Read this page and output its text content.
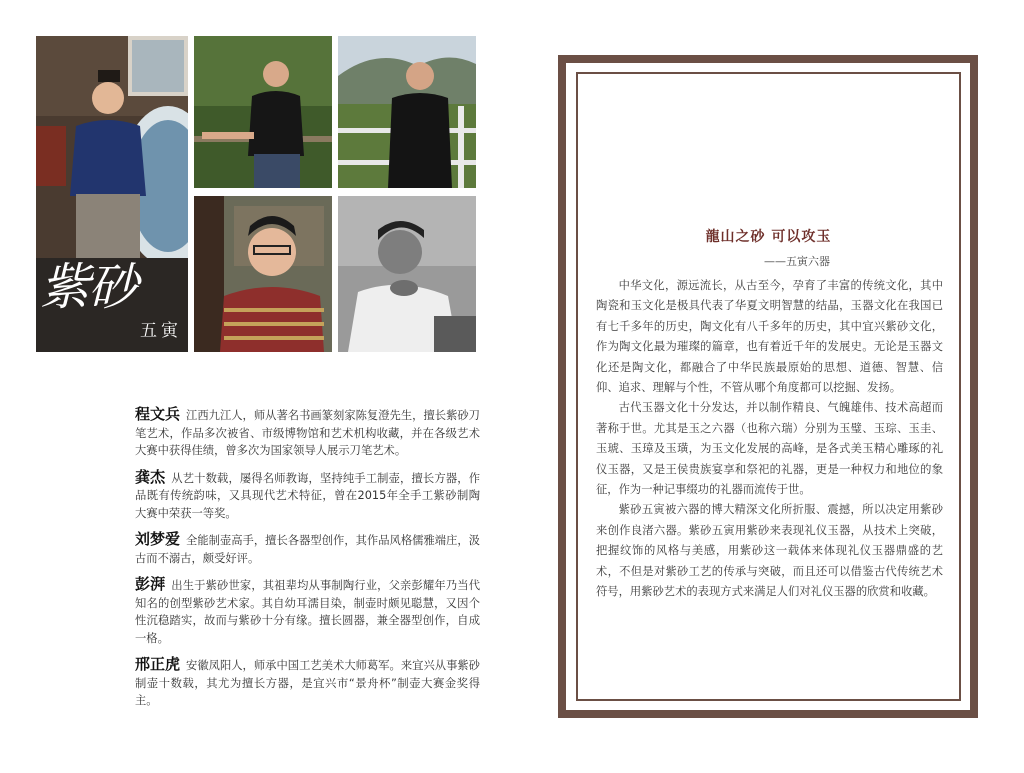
紫砂
五寅

程文兵 江西九江人，师从著名书画篆刻家陈复澄先生，擅长紫砂刀笔艺术，作品多次被省、市级博物馆和艺术机构收藏，并在各级艺术大赛中获得佳绩，曾多次为国家领导人展示刀笔艺术。

龚杰 从艺十数载，屡得名师教诲，坚持纯手工制壶，擅长方器，作品既有传统韵味，又具现代艺术特征，曾在2015年全手工紫砂制陶大赛中荣获一等奖。

刘梦爱 全能制壶高手，擅长各器型创作，其作品风格儒雅端庄，汲古而不溺古，颇受好评。

彭湃 出生于紫砂世家，其祖辈均从事制陶行业，父亲彭耀年乃当代知名的创型紫砂艺术家。其自幼耳濡目染，制壶时颇见聪慧，又因个性沉稳踏实，故而与紫砂十分有缘。擅长圆器，兼全器型创作，自成一格。

邢正虎 安徽凤阳人，师承中国工艺美术大师葛军。来宜兴从事紫砂制壶十数载，其尤为擅长方器，是宜兴市“景舟杯”制壶大赛金奖得主。

龍山之砂 可以攻玉
——五寅六器

中华文化，源远流长，从古至今，孕育了丰富的传统文化，其中陶瓷和玉文化是极具代表了华夏文明智慧的结晶，玉器文化在我国已有七千多年的历史，陶文化有八千多年的历史，其中宜兴紫砂文化，作为陶文化最为璀璨的篇章，也有着近千年的发展史。无论是玉器文化还是陶文化，都融合了中华民族最原始的思想、道德、智慧、信仰、追求、理解与个性，不管从哪个角度都可以挖掘、发扬。

古代玉器文化十分发达，并以制作精良、气魄雄伟、技术高超而著称于世。尤其是玉之六器（也称六瑞）分别为玉璧、玉琮、玉圭、玉琥、玉璋及玉璜，为玉文化发展的高峰，是各式美玉精心雕琢的礼仪玉器，又是王侯贵族宴享和祭祀的礼器，更是一种权力和地位的象征，作为一种记事缀功的礼器而流传于世。

紫砂五寅被六器的博大精深文化所折服、震撼，所以决定用紫砂来创作良渚六器。紫砂五寅用紫砂来表现礼仪玉器，从技术上突破，把握纹饰的风格与美感，用紫砂这一载体来体现礼仪玉器鼎盛的艺术，不但是对紫砂工艺的传承与突破，而且还可以借鉴古代传统艺术符号，用紫砂艺术的表现方式来满足人们对礼仪玉器的欣赏和收藏。
